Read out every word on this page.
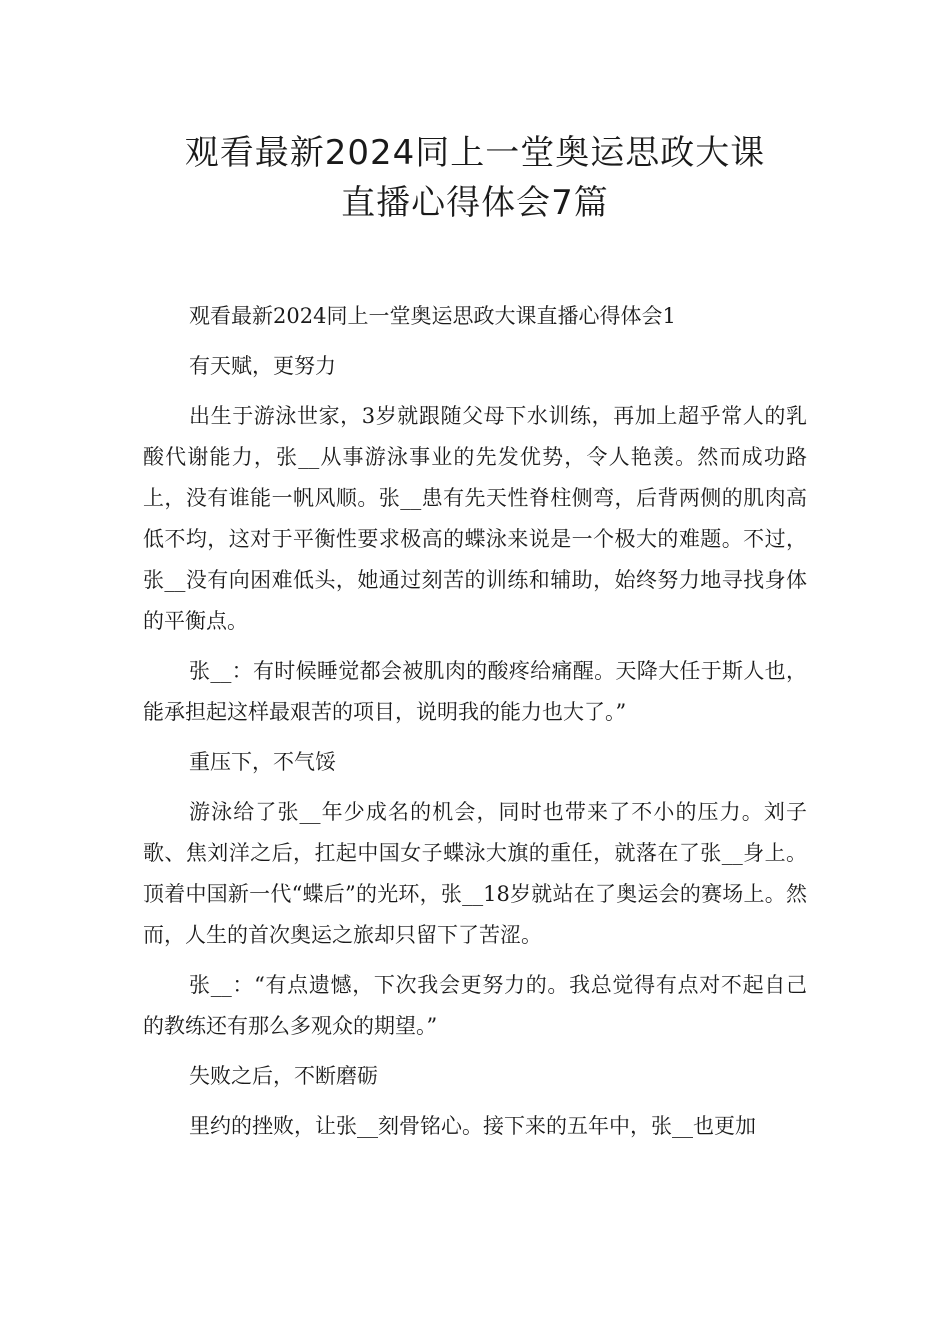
观看最新2024同上一堂奥运思政大课
直播心得体会7篇

观看最新2024同上一堂奥运思政大课直播心得体会1

有天赋，更努力

出生于游泳世家，3岁就跟随父母下水训练，再加上超乎常人的乳酸代谢能力，张__从事游泳事业的先发优势，令人艳羡。然而成功路上，没有谁能一帆风顺。张__患有先天性脊柱侧弯，后背两侧的肌肉高低不均，这对于平衡性要求极高的蝶泳来说是一个极大的难题。不过，张__没有向困难低头，她通过刻苦的训练和辅助，始终努力地寻找身体的平衡点。

张__：有时候睡觉都会被肌肉的酸疼给痛醒。天降大任于斯人也，能承担起这样最艰苦的项目，说明我的能力也大了。”

重压下，不气馁

游泳给了张__年少成名的机会，同时也带来了不小的压力。刘子歌、焦刘洋之后，扛起中国女子蝶泳大旗的重任，就落在了张__身上。顶着中国新一代“蝶后”的光环，张__18岁就站在了奥运会的赛场上。然而，人生的首次奥运之旅却只留下了苦涩。

张__：“有点遗憾，下次我会更努力的。我总觉得有点对不起自己的教练还有那么多观众的期望。”

失败之后，不断磨砺

里约的挫败，让张__刻骨铭心。接下来的五年中，张__也更加
